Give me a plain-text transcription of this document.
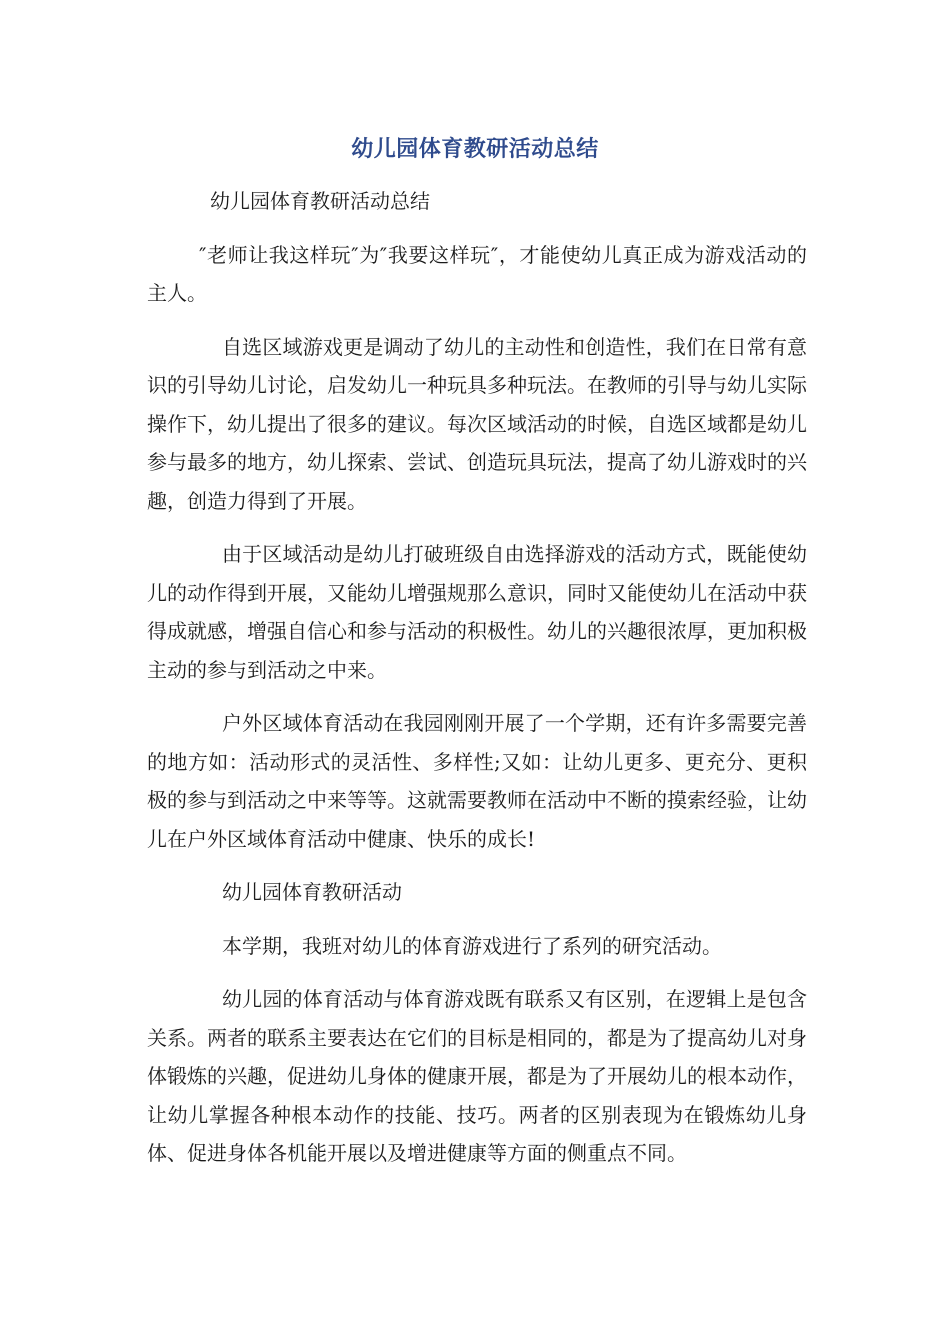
幼儿园体育教研活动总结

幼儿园体育教研活动总结

″老师让我这样玩″为″我要这样玩″，才能使幼儿真正成为游戏活动的主人。

自选区域游戏更是调动了幼儿的主动性和创造性，我们在日常有意识的引导幼儿讨论，启发幼儿一种玩具多种玩法。在教师的引导与幼儿实际操作下，幼儿提出了很多的建议。每次区域活动的时候，自选区域都是幼儿参与最多的地方，幼儿探索、尝试、创造玩具玩法，提高了幼儿游戏时的兴趣，创造力得到了开展。

由于区域活动是幼儿打破班级自由选择游戏的活动方式，既能使幼儿的动作得到开展，又能幼儿增强规那么意识，同时又能使幼儿在活动中获得成就感，增强自信心和参与活动的积极性。幼儿的兴趣很浓厚，更加积极主动的参与到活动之中来。

户外区域体育活动在我园刚刚开展了一个学期，还有许多需要完善的地方如：活动形式的灵活性、多样性;又如：让幼儿更多、更充分、更积极的参与到活动之中来等等。这就需要教师在活动中不断的摸索经验，让幼儿在户外区域体育活动中健康、快乐的成长!

幼儿园体育教研活动

本学期，我班对幼儿的体育游戏进行了系列的研究活动。

幼儿园的体育活动与体育游戏既有联系又有区别，在逻辑上是包含关系。两者的联系主要表达在它们的目标是相同的，都是为了提高幼儿对身体锻炼的兴趣，促进幼儿身体的健康开展，都是为了开展幼儿的根本动作，让幼儿掌握各种根本动作的技能、技巧。两者的区别表现为在锻炼幼儿身体、促进身体各机能开展以及增进健康等方面的侧重点不同。
